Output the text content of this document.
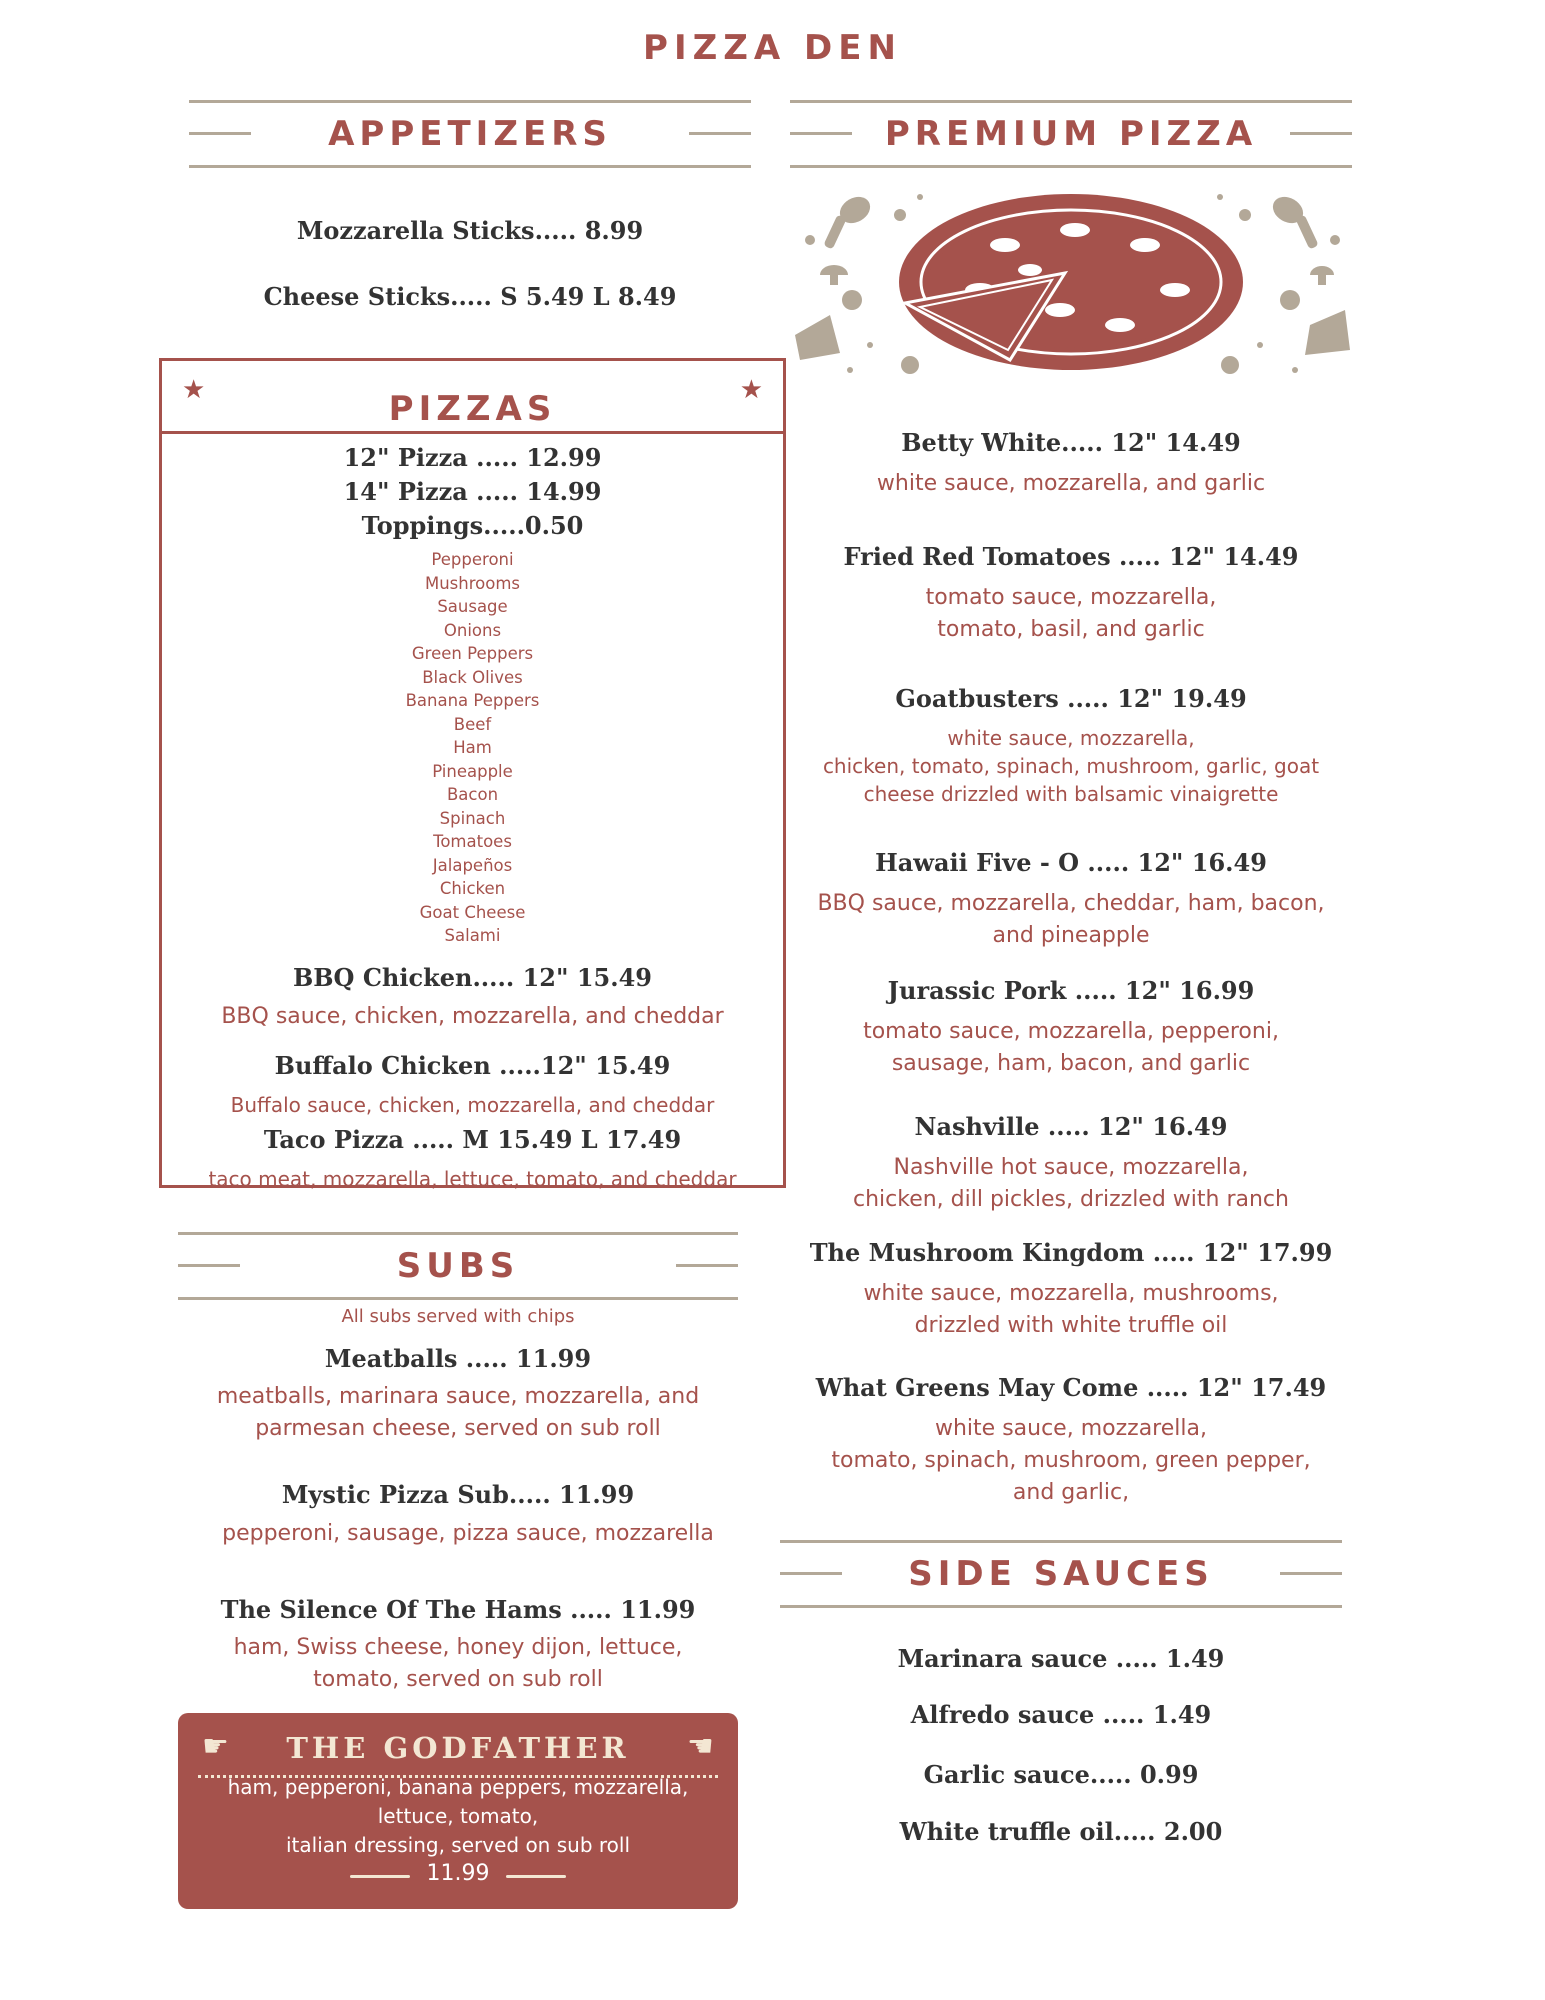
PIZZA DEN
APPETIZERS
Mozzarella Sticks..... 8.99
Cheese Sticks..... S 5.49 L 8.49
★	★
PIZZAS
12" Pizza ..... 12.99
14" Pizza ..... 14.99
Toppings.....0.50
BBQ Chicken..... 12" 15.49
BBQ sauce, chicken, mozzarella, and cheddar
Buffalo Chicken .....12" 15.49
Buffalo sauce, chicken, mozzarella, and cheddar
Taco Pizza ..... M 15.49 L 17.49
taco meat, mozzarella, lettuce, tomato, and cheddar
Pepperoni
Mushrooms
Sausage
Onions
Green Peppers
Black Olives
Banana Peppers
Beef
Ham
Pineapple
Bacon
Spinach
Tomatoes
Jalapeños
Chicken
Goat Cheese
Salami
SUBS
All subs served with chips
Meatballs ..... 11.99
meatballs, marinara sauce, mozzarella, and
parmesan cheese, served on sub roll
Mystic Pizza Sub..... 11.99
pepperoni, sausage, pizza sauce, mozzarella
The Silence Of The Hams ..... 11.99
ham, Swiss cheese, honey dijon, lettuce,
tomato, served on sub roll
☛	☛
THE GODFATHER
ham, pepperoni, banana peppers, mozzarella,
lettuce, tomato,
italian dressing, served on sub roll
11.99
PREMIUM PIZZA
SIDE SAUCES
Marinara sauce ..... 1.49
Alfredo sauce ..... 1.49
Garlic sauce..... 0.99
White truffle oil..... 2.00
Betty White..... 12" 14.49
white sauce, mozzarella, and garlic
Fried Red Tomatoes ..... 12" 14.49
tomato sauce, mozzarella,
tomato, basil, and garlic
Goatbusters ..... 12" 19.49
white sauce, mozzarella,
chicken, tomato, spinach, mushroom, garlic, goat
cheese drizzled with balsamic vinaigrette
Hawaii Five - O ..... 12" 16.49
BBQ sauce, mozzarella, cheddar, ham, bacon,
and pineapple
Jurassic Pork ..... 12" 16.99
tomato sauce, mozzarella, pepperoni,
sausage, ham, bacon, and garlic
Nashville ..... 12" 16.49
Nashville hot sauce, mozzarella,
chicken, dill pickles, drizzled with ranch
The Mushroom Kingdom ..... 12" 17.99
white sauce, mozzarella, mushrooms,
drizzled with white truffle oil
What Greens May Come ..... 12" 17.49
white sauce, mozzarella,
tomato, spinach, mushroom, green pepper,
and garlic,
